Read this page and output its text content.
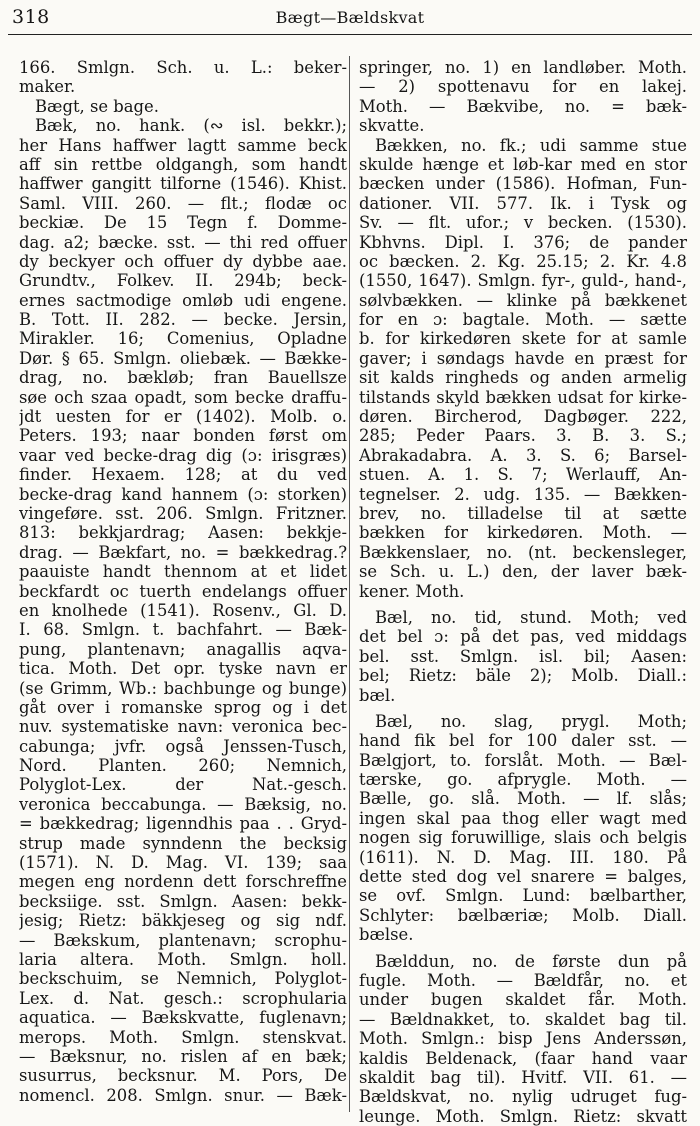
318	Bægt—Bældskvat
166. Smlgn. Sch. u. L.: beker-
maker.
Bægt, se bage.
Bæk, no. hank. (∾ isl. bekkr.);
her Hans haffwer lagtt samme beck
aff sin rettbe oldgangh, som handt
haffwer gangitt tilforne (1546). Khist.
Saml. VIII. 260. — flt.; flodæ oc
beckiæ. De 15 Tegn f. Domme-
dag. a2; bæcke. sst. — thi red offuer
dy beckyer och offuer dy dybbe aae.
Grundtv., Folkev. II. 294b; beck-
ernes sactmodige omløb udi engene.
B. Tott. II. 282. — becke. Jersin,
Mirakler. 16; Comenius, Opladne
Dør. § 65. Smlgn. oliebæk. — Bække-
drag, no. bækløb; fran Bauellsze
søe och szaa opadt, som becke draffu-
jdt uesten for er (1402). Molb. o.
Peters. 193; naar bonden først om
vaar ved becke-drag dig (ɔ: irisgræs)
finder. Hexaem. 128; at du ved
becke-drag kand hannem (ɔ: storken)
vingeføre. sst. 206. Smlgn. Fritzner.
813: bekkjardrag; Aasen: bekkje-
drag. — Bækfart, no. = bækkedrag.?
paauiste handt thennom at et lidet
beckfardt oc tuerth endelangs offuer
en knolhede (1541). Rosenv., Gl. D.
I. 68. Smlgn. t. bachfahrt. — Bæk-
pung, plantenavn; anagallis aqva-
tica. Moth. Det opr. tyske navn er
(se Grimm, Wb.: bachbunge og bunge)
gåt over i romanske sprog og i det
nuv. systematiske navn: veronica bec-
cabunga; jvfr. også Jenssen-Tusch,
Nord. Planten. 260; Nemnich,
Polyglot-Lex. der Nat.-gesch.
veronica beccabunga. — Bæksig, no.
= bækkedrag; ligenndhis paa . . Gryd-
strup made synndenn the becksig
(1571). N. D. Mag. VI. 139; saa
megen eng nordenn dett forschreffne
becksiige. sst. Smlgn. Aasen: bekk-
jesig; Rietz: bäkkjeseg og sig ndf.
— Bækskum, plantenavn; scrophu-
laria altera. Moth. Smlgn. holl.
beckschuim, se Nemnich, Polyglot-
Lex. d. Nat. gesch.: scrophularia
aquatica. — Bækskvatte, fuglenavn;
merops. Moth. Smlgn. stenskvat.
— Bæksnur, no. rislen af en bæk;
susurrus, becksnur. M. Pors, De
nomencl. 208. Smlgn. snur. — Bæk-
springer, no. 1) en landløber. Moth.
— 2) spottenavu for en lakej.
Moth. — Bækvibe, no. = bæk-
skvatte.
Bækken, no. fk.; udi samme stue
skulde hænge et løb-kar med en stor
bæcken under (1586). Hofman, Fun-
dationer. VII. 577. Ik. i Tysk og
Sv. — flt. ufor.; v becken. (1530).
Kbhvns. Dipl. I. 376; de pander
oc bæcken. 2. Kg. 25.15; 2. Kr. 4.8
(1550, 1647). Smlgn. fyr-, guld-, hand-,
sølvbækken. — klinke på bækkenet
for en ɔ: bagtale. Moth. — sætte
b. for kirkedøren skete for at samle
gaver; i søndags havde en præst for
sit kalds ringheds og anden armelig
tilstands skyld bækken udsat for kirke-
døren. Bircherod, Dagbøger. 222,
285; Peder Paars. 3. B. 3. S.;
Abrakadabra. A. 3. S. 6; Barsel-
stuen. A. 1. S. 7; Werlauff, An-
tegnelser. 2. udg. 135. — Bækken-
brev, no. tilladelse til at sætte
bækken for kirkedøren. Moth. —
Bækkenslaer, no. (nt. beckensleger,
se Sch. u. L.) den, der laver bæk-
kener. Moth.
Bæl, no. tid, stund. Moth; ved
det bel ɔ: på det pas, ved middags
bel. sst. Smlgn. isl. bil; Aasen:
bel; Rietz: bäle 2); Molb. Diall.:
bæl.
Bæl, no. slag, prygl. Moth;
hand fik bel for 100 daler sst. —
Bælgjort, to. forslåt. Moth. — Bæl-
tærske, go. afprygle. Moth. —
Bælle, go. slå. Moth. — lf. slås;
ingen skal paa thog eller wagt med
nogen sig foruwillige, slais och belgis
(1611). N. D. Mag. III. 180. På
dette sted dog vel snarere = balges,
se ovf. Smlgn. Lund: bælbarther,
Schlyter: bælbæriæ; Molb. Diall.
bælse.
Bælddun, no. de første dun på
fugle. Moth. — Bældfår, no. et
under bugen skaldet får. Moth.
— Bældnakket, to. skaldet bag til.
Moth. Smlgn.: bisp Jens Anderssøn,
kaldis Beldenack, (faar hand vaar
skaldit bag til). Hvitf. VII. 61. —
Bældskvat, no. nylig udruget fug-
leunge. Moth. Smlgn. Rietz: skvatt
